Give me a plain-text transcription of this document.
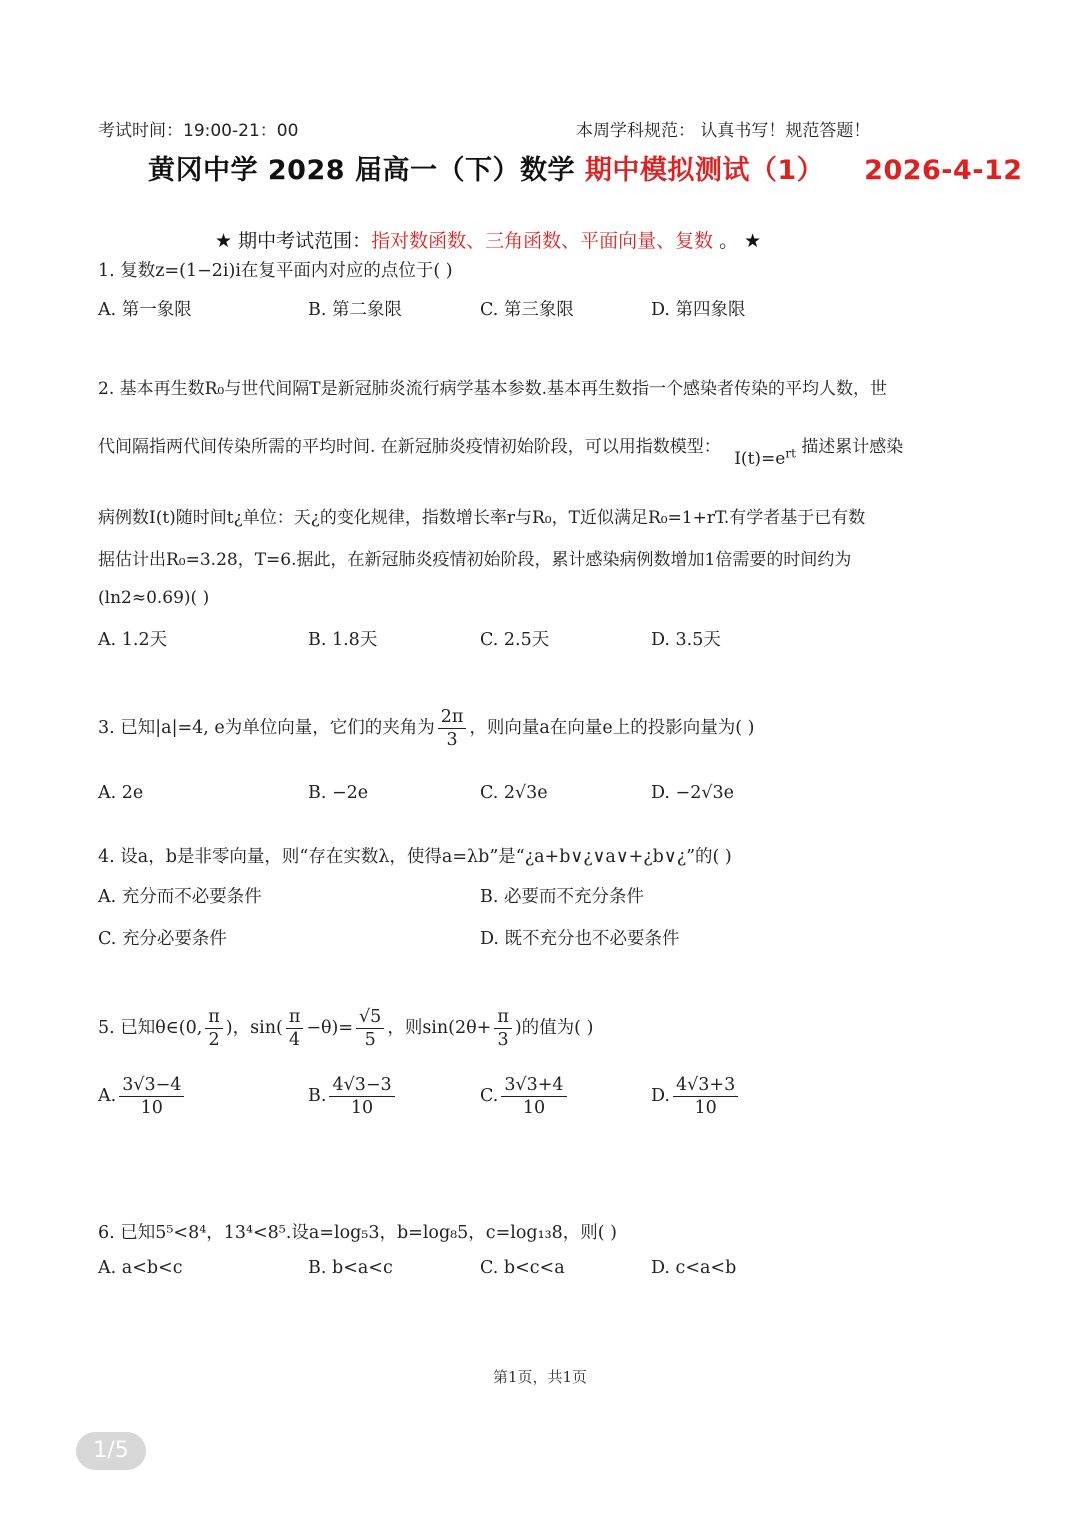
考试时间：19:00-21：00	本周学科规范： 认真书写！规范答题！
黄冈中学 2028 届高一（下）数学 期中模拟测试（1） 2026-4-12
★ 期中考试范围：指对数函数、三角函数、平面向量、复数 。 ★
1. 复数z=(1−2i)i在复平面内对应的点位于( )
A. 第一象限	B. 第二象限	C. 第三象限	D. 第四象限
2. 基本再生数R₀与世代间隔T是新冠肺炎流行病学基本参数.基本再生数指一个感染者传染的平均人数，世
代间隔指两代间传染所需的平均时间. 在新冠肺炎疫情初始阶段，可以用指数模型： $I(t)=e^{rt}$ 描述累计感染
病例数I(t)随时间t¿单位：天¿的变化规律，指数增长率r与R₀，T近似满足R₀=1+rT.有学者基于已有数
据估计出R₀=3.28，T=6.据此，在新冠肺炎疫情初始阶段，累计感染病例数增加1倍需要的时间约为
(ln2≈0.69)( )
A. 1.2天	B. 1.8天	C. 2.5天	D. 3.5天
3. 已知|a|=4, e为单位向量，它们的夹角为 $\frac{2\pi}{3}$ ，则向量a在向量e上的投影向量为( )
A. 2e	B. −2e	C. 2√3e	D. −2√3e
4. 设a，b是非零向量，则“存在实数λ，使得a=λb”是“¿a+b∨¿∨a∨+¿b∨¿”的( )
A. 充分而不必要条件	B. 必要而不充分条件
C. 充分必要条件	D. 既不充分也不必要条件
5. 已知θ∈(0, $\frac{\pi}{2}$ )，$\sin( \frac{\pi}{4} -\theta)= \frac{√5}{5}$ ，则$\sin(2\theta+ \frac{\pi}{3}$ )的值为( )
A. $\frac{3√3-4}{10}$	B. $\frac{4√3-3}{10}$	C. $\frac{3√3+4}{10}$	D. $\frac{4√3+3}{10}$
6. 已知5⁵<8⁴，13⁴<8⁵.设a=log₅3，b=log₈5，c=log₁₃8，则( )
A. a<b<c	B. b<a<c	C. b<c<a	D. c<a<b
第1页，共1页
1/5
